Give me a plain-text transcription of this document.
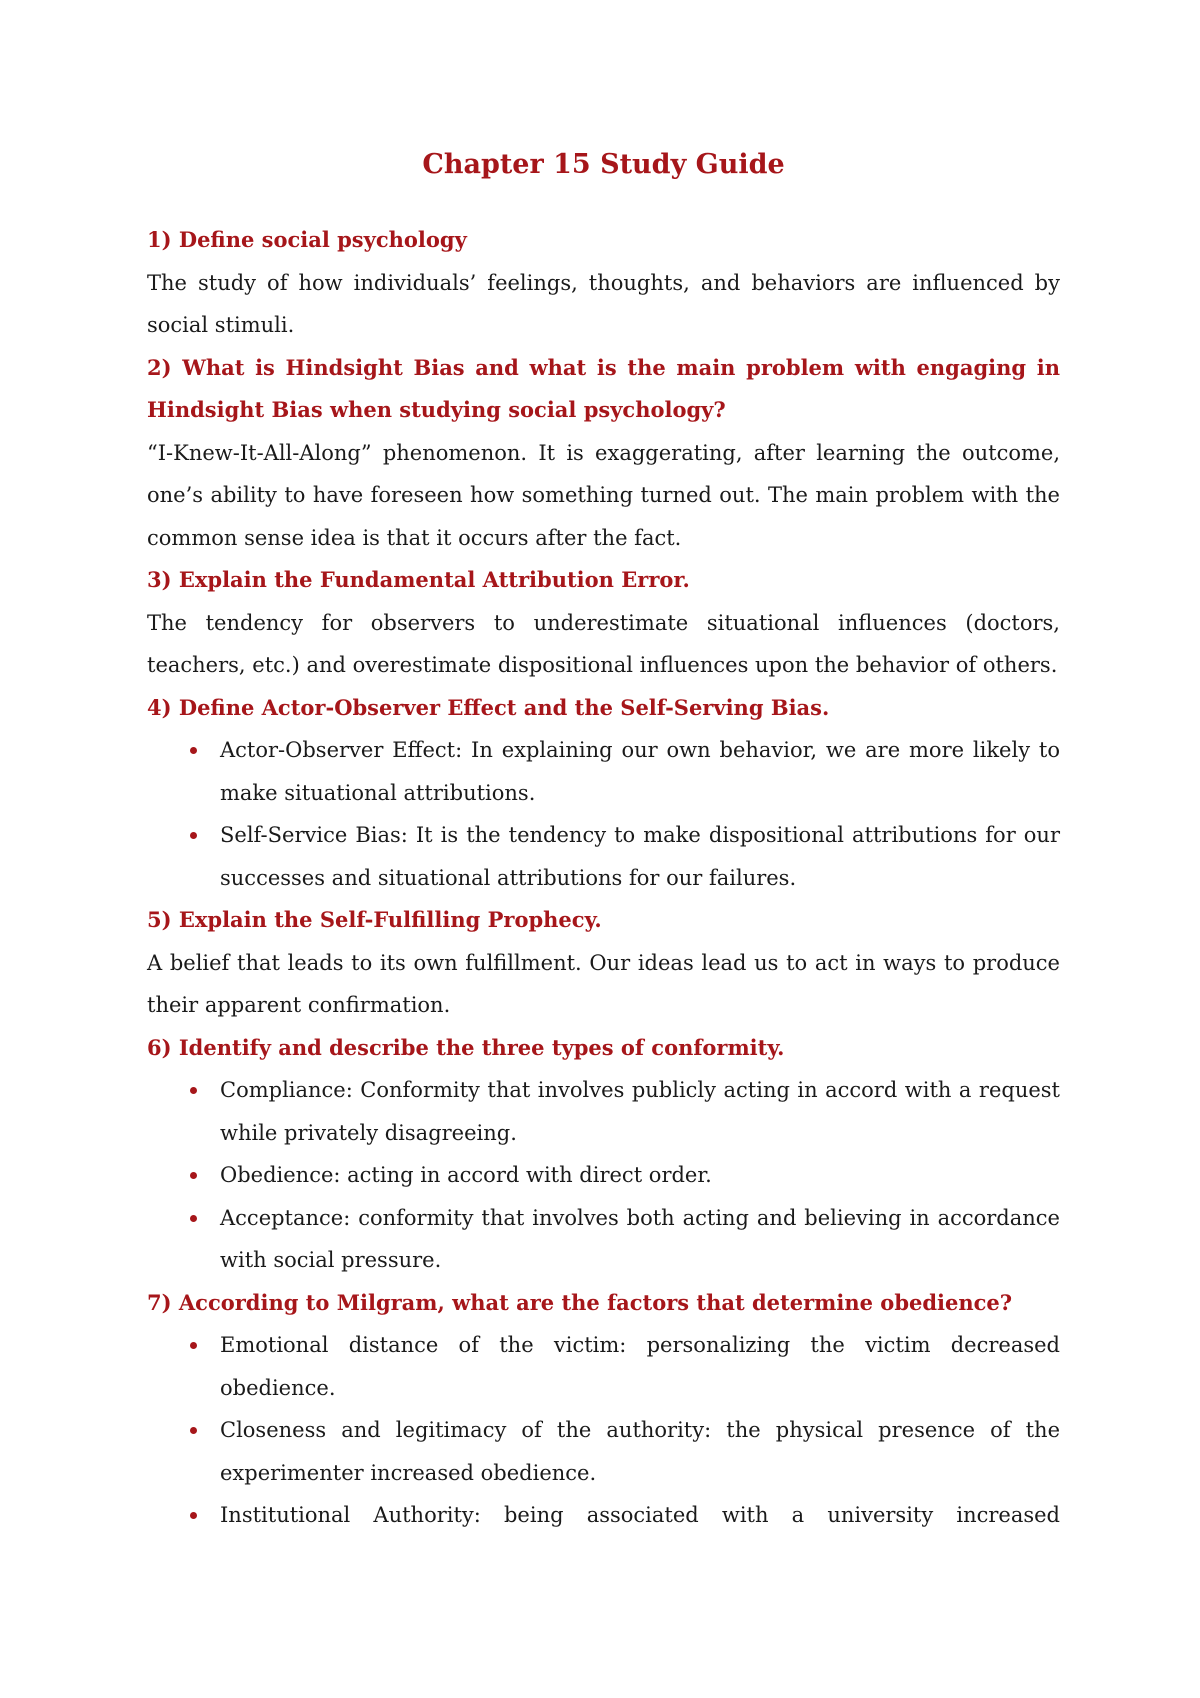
Chapter 15 Study Guide

1) Define social psychology

The study of how individuals’ feelings, thoughts, and behaviors are influenced by social stimuli.

2) What is Hindsight Bias and what is the main problem with engaging in Hindsight Bias when studying social psychology?

“I-Knew-It-All-Along” phenomenon. It is exaggerating, after learning the outcome, one’s ability to have foreseen how something turned out. The main problem with the common sense idea is that it occurs after the fact.

3) Explain the Fundamental Attribution Error.

The tendency for observers to underestimate situational influences (doctors, teachers, etc.) and overestimate dispositional influences upon the behavior of others.

4) Define Actor-Observer Effect and the Self-Serving Bias.

Actor-Observer Effect: In explaining our own behavior, we are more likely to make situational attributions.
Self-Service Bias: It is the tendency to make dispositional attributions for our successes and situational attributions for our failures.

5) Explain the Self-Fulfilling Prophecy.

A belief that leads to its own fulfillment. Our ideas lead us to act in ways to produce their apparent confirmation.

6) Identify and describe the three types of conformity.

Compliance: Conformity that involves publicly acting in accord with a request while privately disagreeing.
Obedience: acting in accord with direct order.
Acceptance: conformity that involves both acting and believing in accordance with social pressure.

7) According to Milgram, what are the factors that determine obedience?

Emotional distance of the victim: personalizing the victim decreased obedience.
Closeness and legitimacy of the authority: the physical presence of the experimenter increased obedience.
Institutional Authority: being associated with a university increased
